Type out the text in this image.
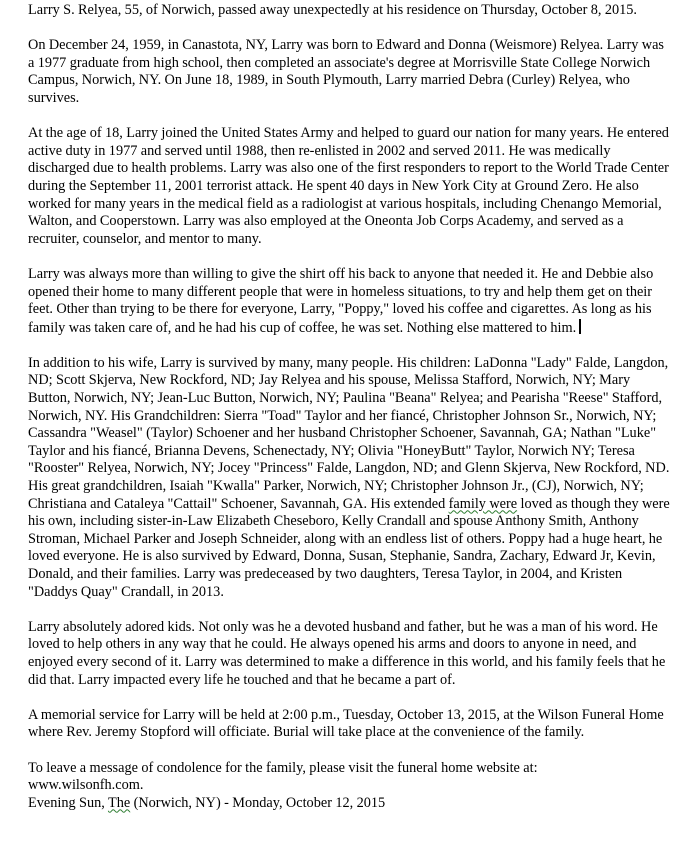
Larry S. Relyea, 55, of Norwich, passed away unexpectedly at his residence on Thursday, October 8, 2015.

On December 24, 1959, in Canastota, NY, Larry was born to Edward and Donna (Weismore) Relyea. Larry was a 1977 graduate from high school, then completed an associate's degree at Morrisville State College Norwich Campus, Norwich, NY. On June 18, 1989, in South Plymouth, Larry married Debra (Curley) Relyea, who survives.

At the age of 18, Larry joined the United States Army and helped to guard our nation for many years. He entered active duty in 1977 and served until 1988, then re-enlisted in 2002 and served 2011. He was medically discharged due to health problems. Larry was also one of the first responders to report to the World Trade Center during the September 11, 2001 terrorist attack. He spent 40 days in New York City at Ground Zero. He also worked for many years in the medical field as a radiologist at various hospitals, including Chenango Memorial, Walton, and Cooperstown. Larry was also employed at the Oneonta Job Corps Academy, and served as a recruiter, counselor, and mentor to many.

Larry was always more than willing to give the shirt off his back to anyone that needed it. He and Debbie also opened their home to many different people that were in homeless situations, to try and help them get on their feet. Other than trying to be there for everyone, Larry, "Poppy," loved his coffee and cigarettes. As long as his family was taken care of, and he had his cup of coffee, he was set. Nothing else mattered to him.

In addition to his wife, Larry is survived by many, many people. His children: LaDonna "Lady" Falde, Langdon, ND; Scott Skjerva, New Rockford, ND; Jay Relyea and his spouse, Melissa Stafford, Norwich, NY; Mary Button, Norwich, NY; Jean-Luc Button, Norwich, NY; Paulina "Beana" Relyea; and Pearisha "Reese" Stafford, Norwich, NY. His Grandchildren: Sierra "Toad" Taylor and her fiancé, Christopher Johnson Sr., Norwich, NY; Cassandra "Weasel" (Taylor) Schoener and her husband Christopher Schoener, Savannah, GA; Nathan "Luke" Taylor and his fiancé, Brianna Devens, Schenectady, NY; Olivia "HoneyButt" Taylor, Norwich NY; Teresa "Rooster" Relyea, Norwich, NY; Jocey "Princess" Falde, Langdon, ND; and Glenn Skjerva, New Rockford, ND. His great grandchildren, Isaiah "Kwalla" Parker, Norwich, NY; Christopher Johnson Jr., (CJ), Norwich, NY; Christiana and Cataleya "Cattail" Schoener, Savannah, GA. His extended family were loved as though they were his own, including sister-in-Law Elizabeth Cheseboro, Kelly Crandall and spouse Anthony Smith, Anthony Stroman, Michael Parker and Joseph Schneider, along with an endless list of others. Poppy had a huge heart, he loved everyone. He is also survived by Edward, Donna, Susan, Stephanie, Sandra, Zachary, Edward Jr, Kevin, Donald, and their families. Larry was predeceased by two daughters, Teresa Taylor, in 2004, and Kristen "Daddys Quay" Crandall, in 2013.

Larry absolutely adored kids. Not only was he a devoted husband and father, but he was a man of his word. He loved to help others in any way that he could. He always opened his arms and doors to anyone in need, and enjoyed every second of it. Larry was determined to make a difference in this world, and his family feels that he did that. Larry impacted every life he touched and that he became a part of.

A memorial service for Larry will be held at 2:00 p.m., Tuesday, October 13, 2015, at the Wilson Funeral Home where Rev. Jeremy Stopford will officiate. Burial will take place at the convenience of the family.

To leave a message of condolence for the family, please visit the funeral home website at:
www.wilsonfh.com.
Evening Sun, The (Norwich, NY) - Monday, October 12, 2015
